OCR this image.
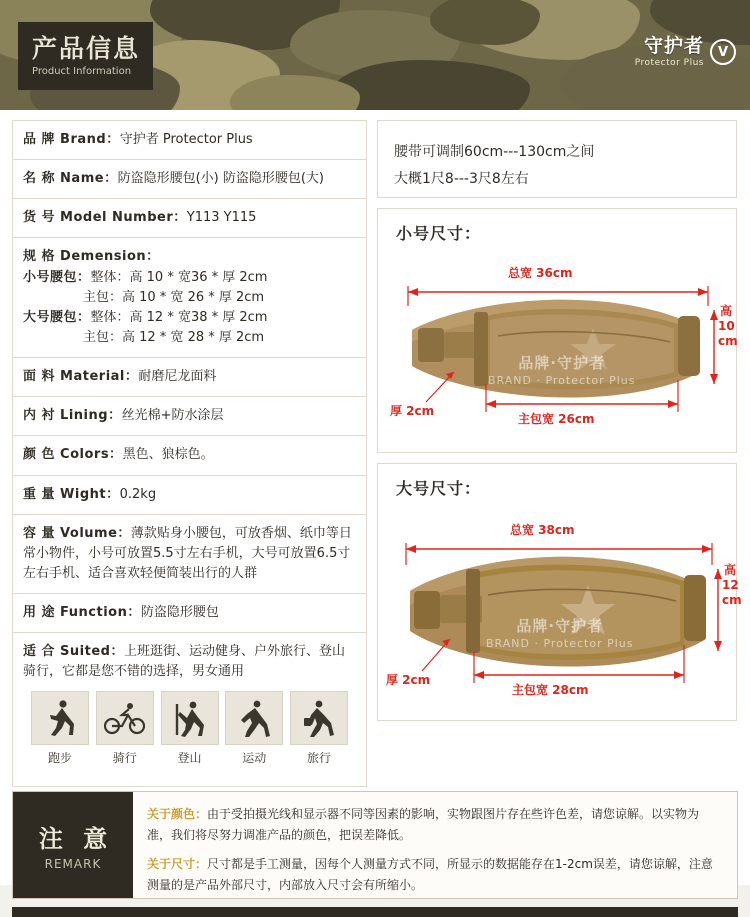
产品信息
Product Information
守护者
Protector Plus
V
品 牌 Brand：守护者 Protector Plus
名 称 Name：防盗隐形腰包(小) 防盗隐形腰包(大)
货 号 Model Number：Y113 Y115
规 格 Demension：
小号腰包：整体：高 10 * 宽36 * 厚 2cm
主包：高 10 * 宽 26 * 厚 2cm
大号腰包：整体：高 12 * 宽38 * 厚 2cm
主包：高 12 * 宽 28 * 厚 2cm
面 料 Material：耐磨尼龙面料
内 衬 Lining：丝光棉+防水涂层
颜 色 Colors：黑色、狼棕色。
重 量 Wight：0.2kg
容 量 Volume：薄款贴身小腰包，可放香烟、纸巾等日常小物件，小号可放置5.5寸左右手机，大号可放置6.5寸左右手机、适合喜欢轻便简装出行的人群
用 途 Function：防盗隐形腰包
适 合 Suited：上班逛街、运动健身、户外旅行、登山骑行，它都是您不错的选择，男女通用
跑步	骑行	登山	运动	旅行
腰带可调制60cm---130cm之间
大概1尺8---3尺8左右
小号尺寸：
品牌·守护者
BRAND · Protector Plus
总宽 36cm
主包宽 26cm
厚 2cm
高
10
cm
大号尺寸：
品牌·守护者
BRAND · Protector Plus
总宽 38cm
主包宽 28cm
厚 2cm
高
12
cm
注 意
REMARK

关于颜色：由于受拍摄光线和显示器不同等因素的影响，实物跟图片存在些许色差，请您谅解。以实物为准，我们将尽努力调准产品的颜色，把误差降低。

关于尺寸：尺寸都是手工测量，因每个人测量方式不同，所显示的数据能存在1-2cm误差，请您谅解，注意测量的是产品外部尺寸，内部放入尺寸会有所缩小。
